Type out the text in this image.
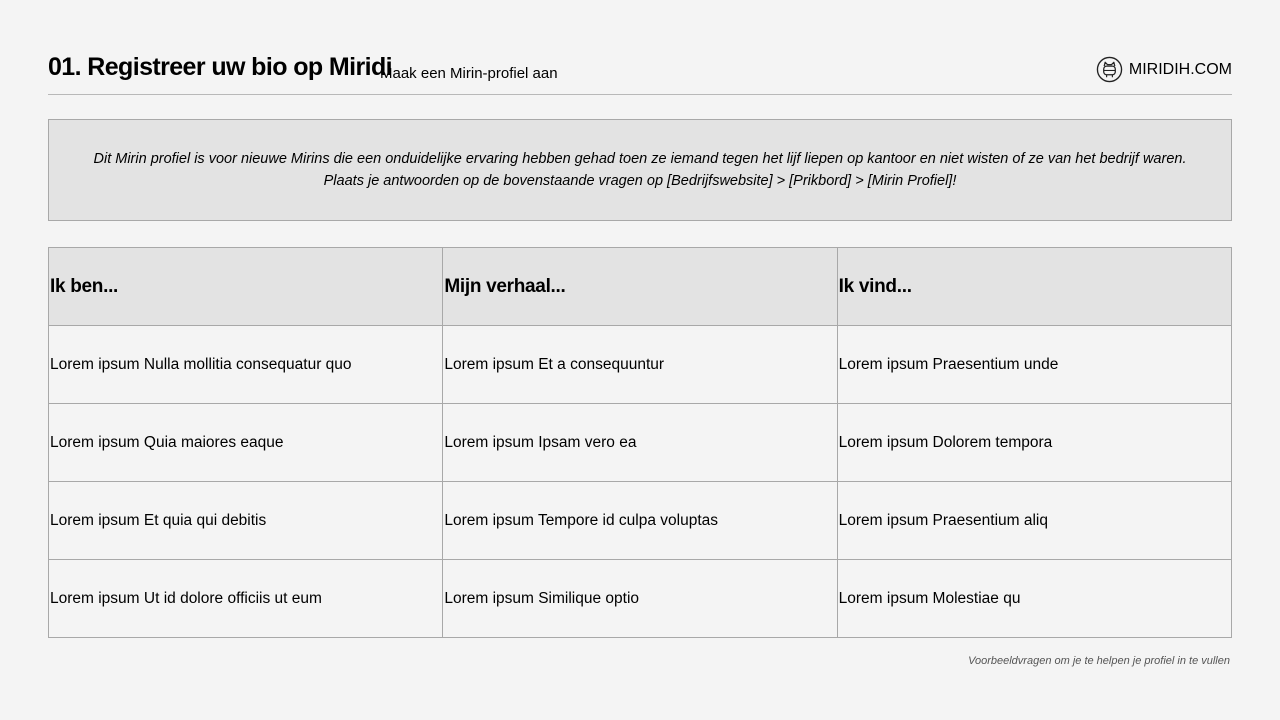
01. Registreer uw bio op Miridi
Maak een Mirin-profiel aan	MIRIDIH.COM

Dit Mirin profiel is voor nieuwe Mirins die een onduidelijke ervaring hebben gehad toen ze iemand tegen het lijf liepen op kantoor en niet wisten of ze van het bedrijf waren.

Plaats je antwoorden op de bovenstaande vragen op [Bedrijfswebsite] > [Prikbord] > [Mirin Profiel]!

Ik ben...	Mijn verhaal...	Ik vind...
Lorem ipsum Nulla mollitia consequatur quo	Lorem ipsum Et a consequuntur	Lorem ipsum Praesentium unde
Lorem ipsum Quia maiores eaque	Lorem ipsum Ipsam vero ea	Lorem ipsum Dolorem tempora
Lorem ipsum Et quia qui debitis	Lorem ipsum Tempore id culpa voluptas	Lorem ipsum Praesentium aliq
Lorem ipsum Ut id dolore officiis ut eum	Lorem ipsum Similique optio	Lorem ipsum Molestiae qu
Voorbeeldvragen om je te helpen je profiel in te vullen
